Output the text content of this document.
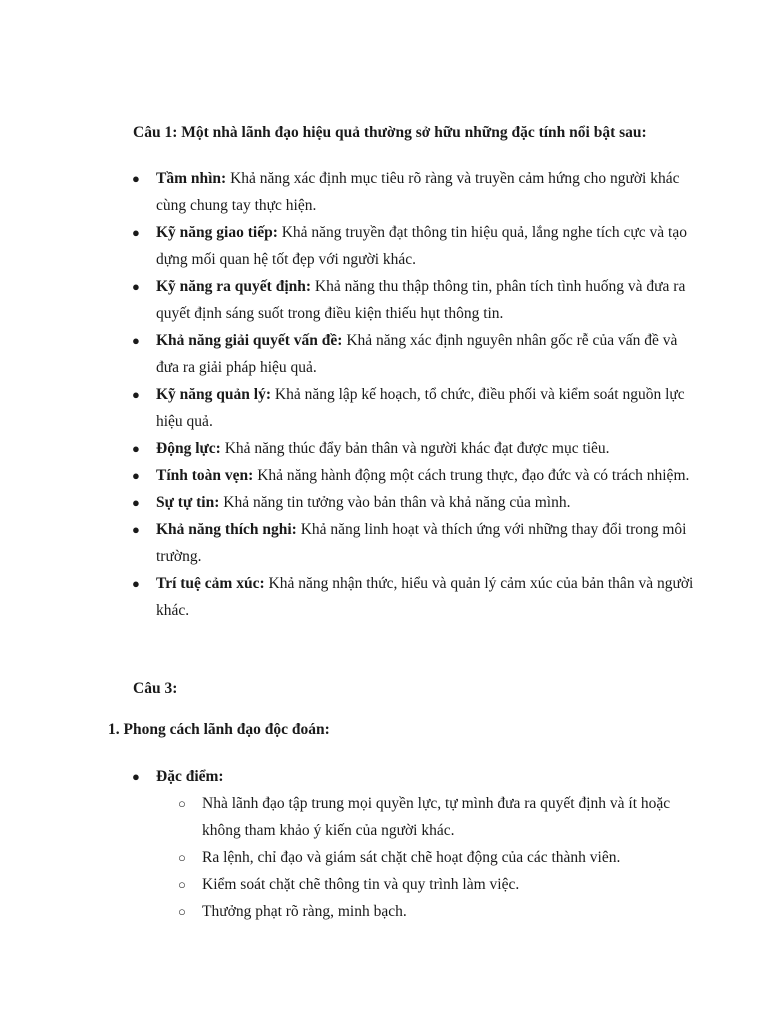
Câu 1: Một nhà lãnh đạo hiệu quả thường sở hữu những đặc tính nổi bật sau:
● Tầm nhìn: Khả năng xác định mục tiêu rõ ràng và truyền cảm hứng cho người khác cùng chung tay thực hiện.
● Kỹ năng giao tiếp: Khả năng truyền đạt thông tin hiệu quả, lắng nghe tích cực và tạo dựng mối quan hệ tốt đẹp với người khác.
● Kỹ năng ra quyết định: Khả năng thu thập thông tin, phân tích tình huống và đưa ra quyết định sáng suốt trong điều kiện thiếu hụt thông tin.
● Khả năng giải quyết vấn đề: Khả năng xác định nguyên nhân gốc rễ của vấn đề và đưa ra giải pháp hiệu quả.
● Kỹ năng quản lý: Khả năng lập kế hoạch, tổ chức, điều phối và kiểm soát nguồn lực hiệu quả.
● Động lực: Khả năng thúc đẩy bản thân và người khác đạt được mục tiêu.
● Tính toàn vẹn: Khả năng hành động một cách trung thực, đạo đức và có trách nhiệm.
● Sự tự tin: Khả năng tin tưởng vào bản thân và khả năng của mình.
● Khả năng thích nghi: Khả năng linh hoạt và thích ứng với những thay đổi trong môi trường.
● Trí tuệ cảm xúc: Khả năng nhận thức, hiểu và quản lý cảm xúc của bản thân và người khác.
Câu 3:
1. Phong cách lãnh đạo độc đoán:
● Đặc điểm:
○ Nhà lãnh đạo tập trung mọi quyền lực, tự mình đưa ra quyết định và ít hoặc không tham khảo ý kiến của người khác.
○ Ra lệnh, chỉ đạo và giám sát chặt chẽ hoạt động của các thành viên.
○ Kiểm soát chặt chẽ thông tin và quy trình làm việc.
○ Thưởng phạt rõ ràng, minh bạch.
